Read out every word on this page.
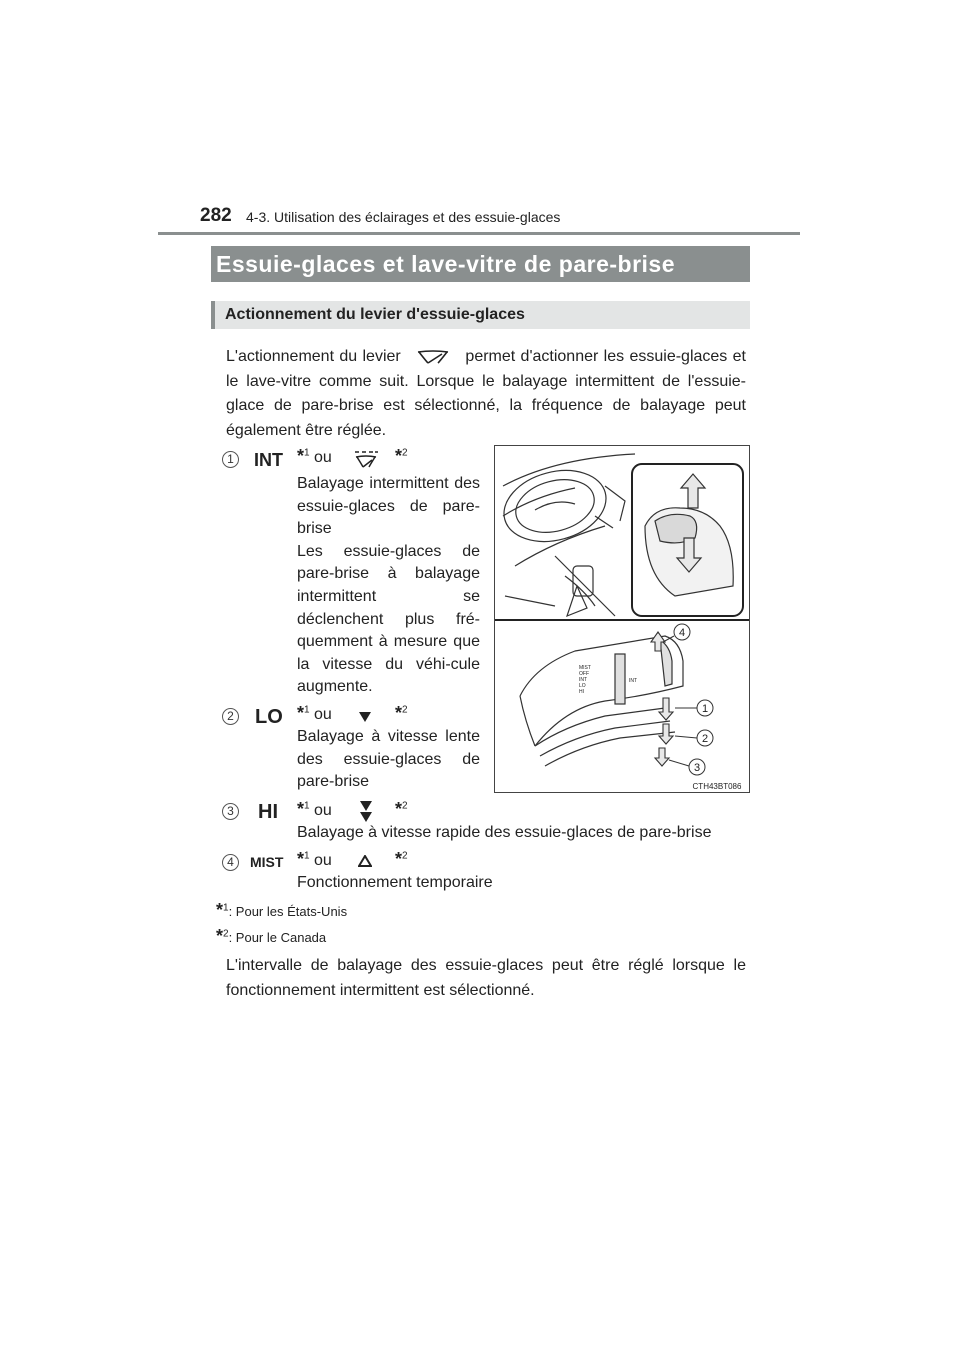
282 4-3. Utilisation des éclairages et des essuie-glaces
Essuie-glaces et lave-vitre de pare-brise
Actionnement du levier d'essuie-glaces
L'actionnement du levier	permet d'actionner les essuie-glaces et le lave-vitre comme suit. Lorsque le balayage intermittent de l'essuie-glace de pare-brise est sélectionné, la fréquence de balayage peut également être réglée.
1 INT *$^1$ ou	*$^2$
Balayage intermittent des essuie-glaces de pare-brise
Les essuie-glaces de pare-brise à balayage intermittent se déclenchent plus fré-quemment à mesure que la vitesse du véhi-cule augmente.
2 LO *$^1$ ou	*$^2$
Balayage à vitesse lente des essuie-glaces de pare-brise
3 HI *$^1$ ou	*$^2$
Balayage à vitesse rapide des essuie-glaces de pare-brise
4	MIST *$^1$ ou	*$^2$
Fonctionnement temporaire
*$^1$: Pour les États-Unis
*$^2$: Pour le Canada
L'intervalle de balayage des essuie-glaces peut être réglé lorsque le fonctionnement intermittent est sélectionné.
MIST
OFF
INT
LO
HI
INT
4
1
2
3
CTH43BT086
